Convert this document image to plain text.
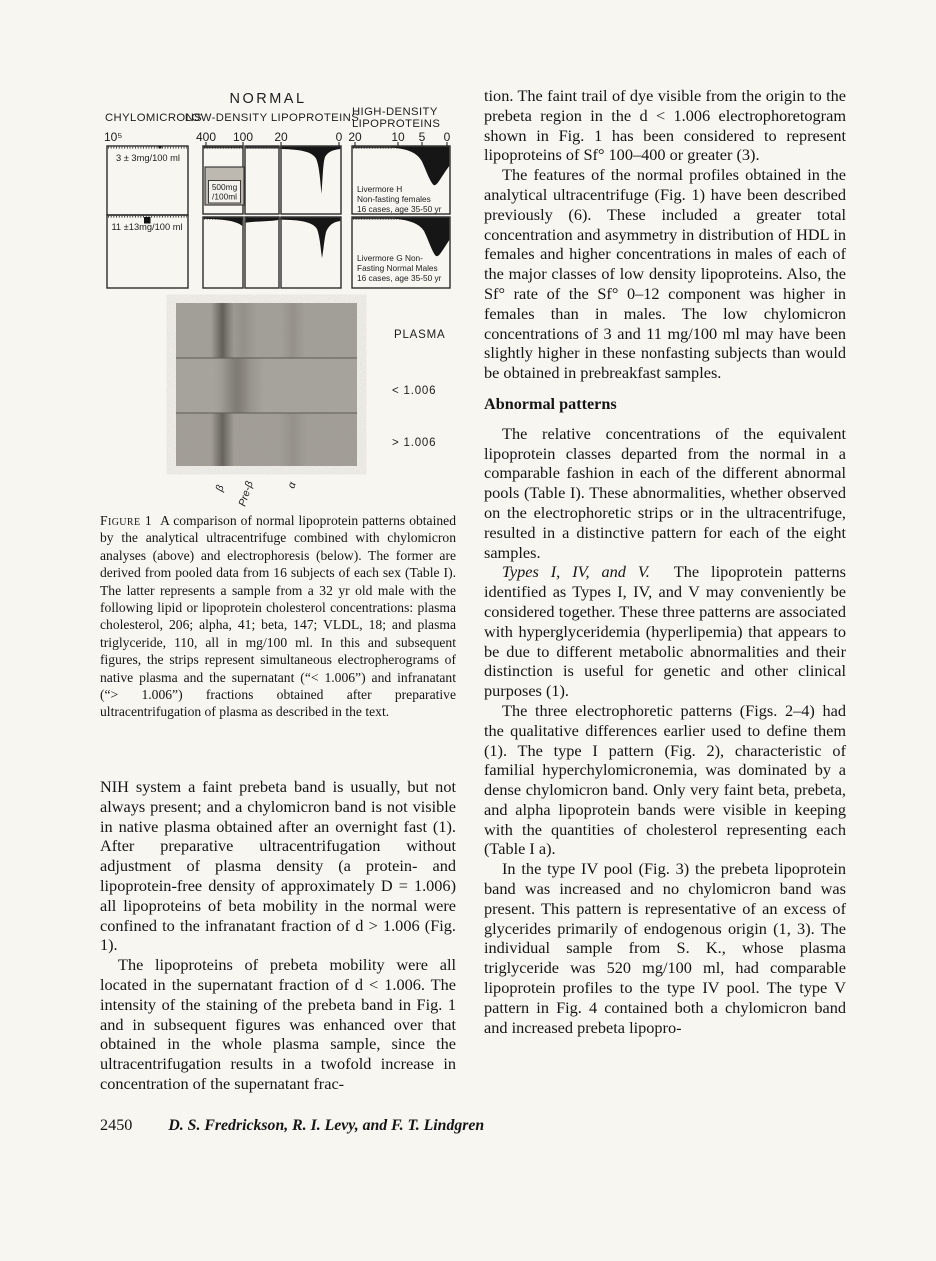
NORMAL
CHYLOMICRONS
LOW-DENSITY LIPOPROTEINS
HIGH-DENSITY
LIPOPROTEINS
10⁵	400 100 20	0 20 10 5 0
3 ± 3mg/100 ml
11 ±13mg/100 ml
500mg
/100ml
Livermore H
Non-fasting females
16 cases, age 35-50 yr
Livermore G Non-
Fasting Normal Males
16 cases, age 35-50 yr
PLASMA
< 1.006
> 1.006
β Pre-β	α
Figure 1 A comparison of normal lipoprotein patterns obtained by the analytical ultracentrifuge combined with chylomicron analyses (above) and electrophoresis (below). The former are derived from pooled data from 16 subjects of each sex (Table I). The latter represents a sample from a 32 yr old male with the following lipid or lipoprotein cholesterol concentrations: plasma cholesterol, 206; alpha, 41; beta, 147; VLDL, 18; and plasma triglyceride, 110, all in mg/100 ml. In this and subsequent figures, the strips represent simultaneous electropherograms of native plasma and the supernatant (“< 1.006”) and infranatant (“> 1.006”) fractions obtained after preparative ultracentrifugation of plasma as described in the text.

NIH system a faint prebeta band is usually, but not always present; and a chylomicron band is not visible in native plasma obtained after an overnight fast (1). After preparative ultracentrifugation without adjustment of plasma density (a protein- and lipoprotein-free density of approximately D = 1.006) all lipoproteins of beta mobility in the normal were confined to the infranatant fraction of d > 1.006 (Fig. 1).

The lipoproteins of prebeta mobility were all located in the supernatant fraction of d < 1.006. The intensity of the staining of the prebeta band in Fig. 1 and in subsequent figures was enhanced over that obtained in the whole plasma sample, since the ultracentrifugation results in a twofold increase in concentration of the supernatant frac-

tion. The faint trail of dye visible from the origin to the prebeta region in the d < 1.006 electrophoretogram shown in Fig. 1 has been considered to represent lipoproteins of Sf° 100–400 or greater (3).

The features of the normal profiles obtained in the analytical ultracentrifuge (Fig. 1) have been described previously (6). These included a greater total concentration and asymmetry in distribution of HDL in females and higher concentrations in males of each of the major classes of low density lipoproteins. Also, the Sf° rate of the Sf° 0–12 component was higher in females than in males. The low chylomicron concentrations of 3 and 11 mg/100 ml may have been slightly higher in these nonfasting subjects than would be obtained in prebreakfast samples.

Abnormal patterns

The relative concentrations of the equivalent lipoprotein classes departed from the normal in a comparable fashion in each of the different abnormal pools (Table I). These abnormalities, whether observed on the electrophoretic strips or in the ultracentrifuge, resulted in a distinctive pattern for each of the eight samples.

Types I, IV, and V. The lipoprotein patterns identified as Types I, IV, and V may conveniently be considered together. These three patterns are associated with hyperglyceridemia (hyperlipemia) that appears to be due to different metabolic abnormalities and their distinction is useful for genetic and other clinical purposes (1).

The three electrophoretic patterns (Figs. 2–4) had the qualitative differences earlier used to define them (1). The type I pattern (Fig. 2), characteristic of familial hyperchylomicronemia, was dominated by a dense chylomicron band. Only very faint beta, prebeta, and alpha lipoprotein bands were visible in keeping with the quantities of cholesterol representing each (Table I a).

In the type IV pool (Fig. 3) the prebeta lipoprotein band was increased and no chylomicron band was present. This pattern is representative of an excess of glycerides primarily of endogenous origin (1, 3). The individual sample from S. K., whose plasma triglyceride was 520 mg/100 ml, had comparable lipoprotein profiles to the type IV pool. The type V pattern in Fig. 4 contained both a chylomicron band and increased prebeta lipopro-

2450 D. S. Fredrickson, R. I. Levy, and F. T. Lindgren
